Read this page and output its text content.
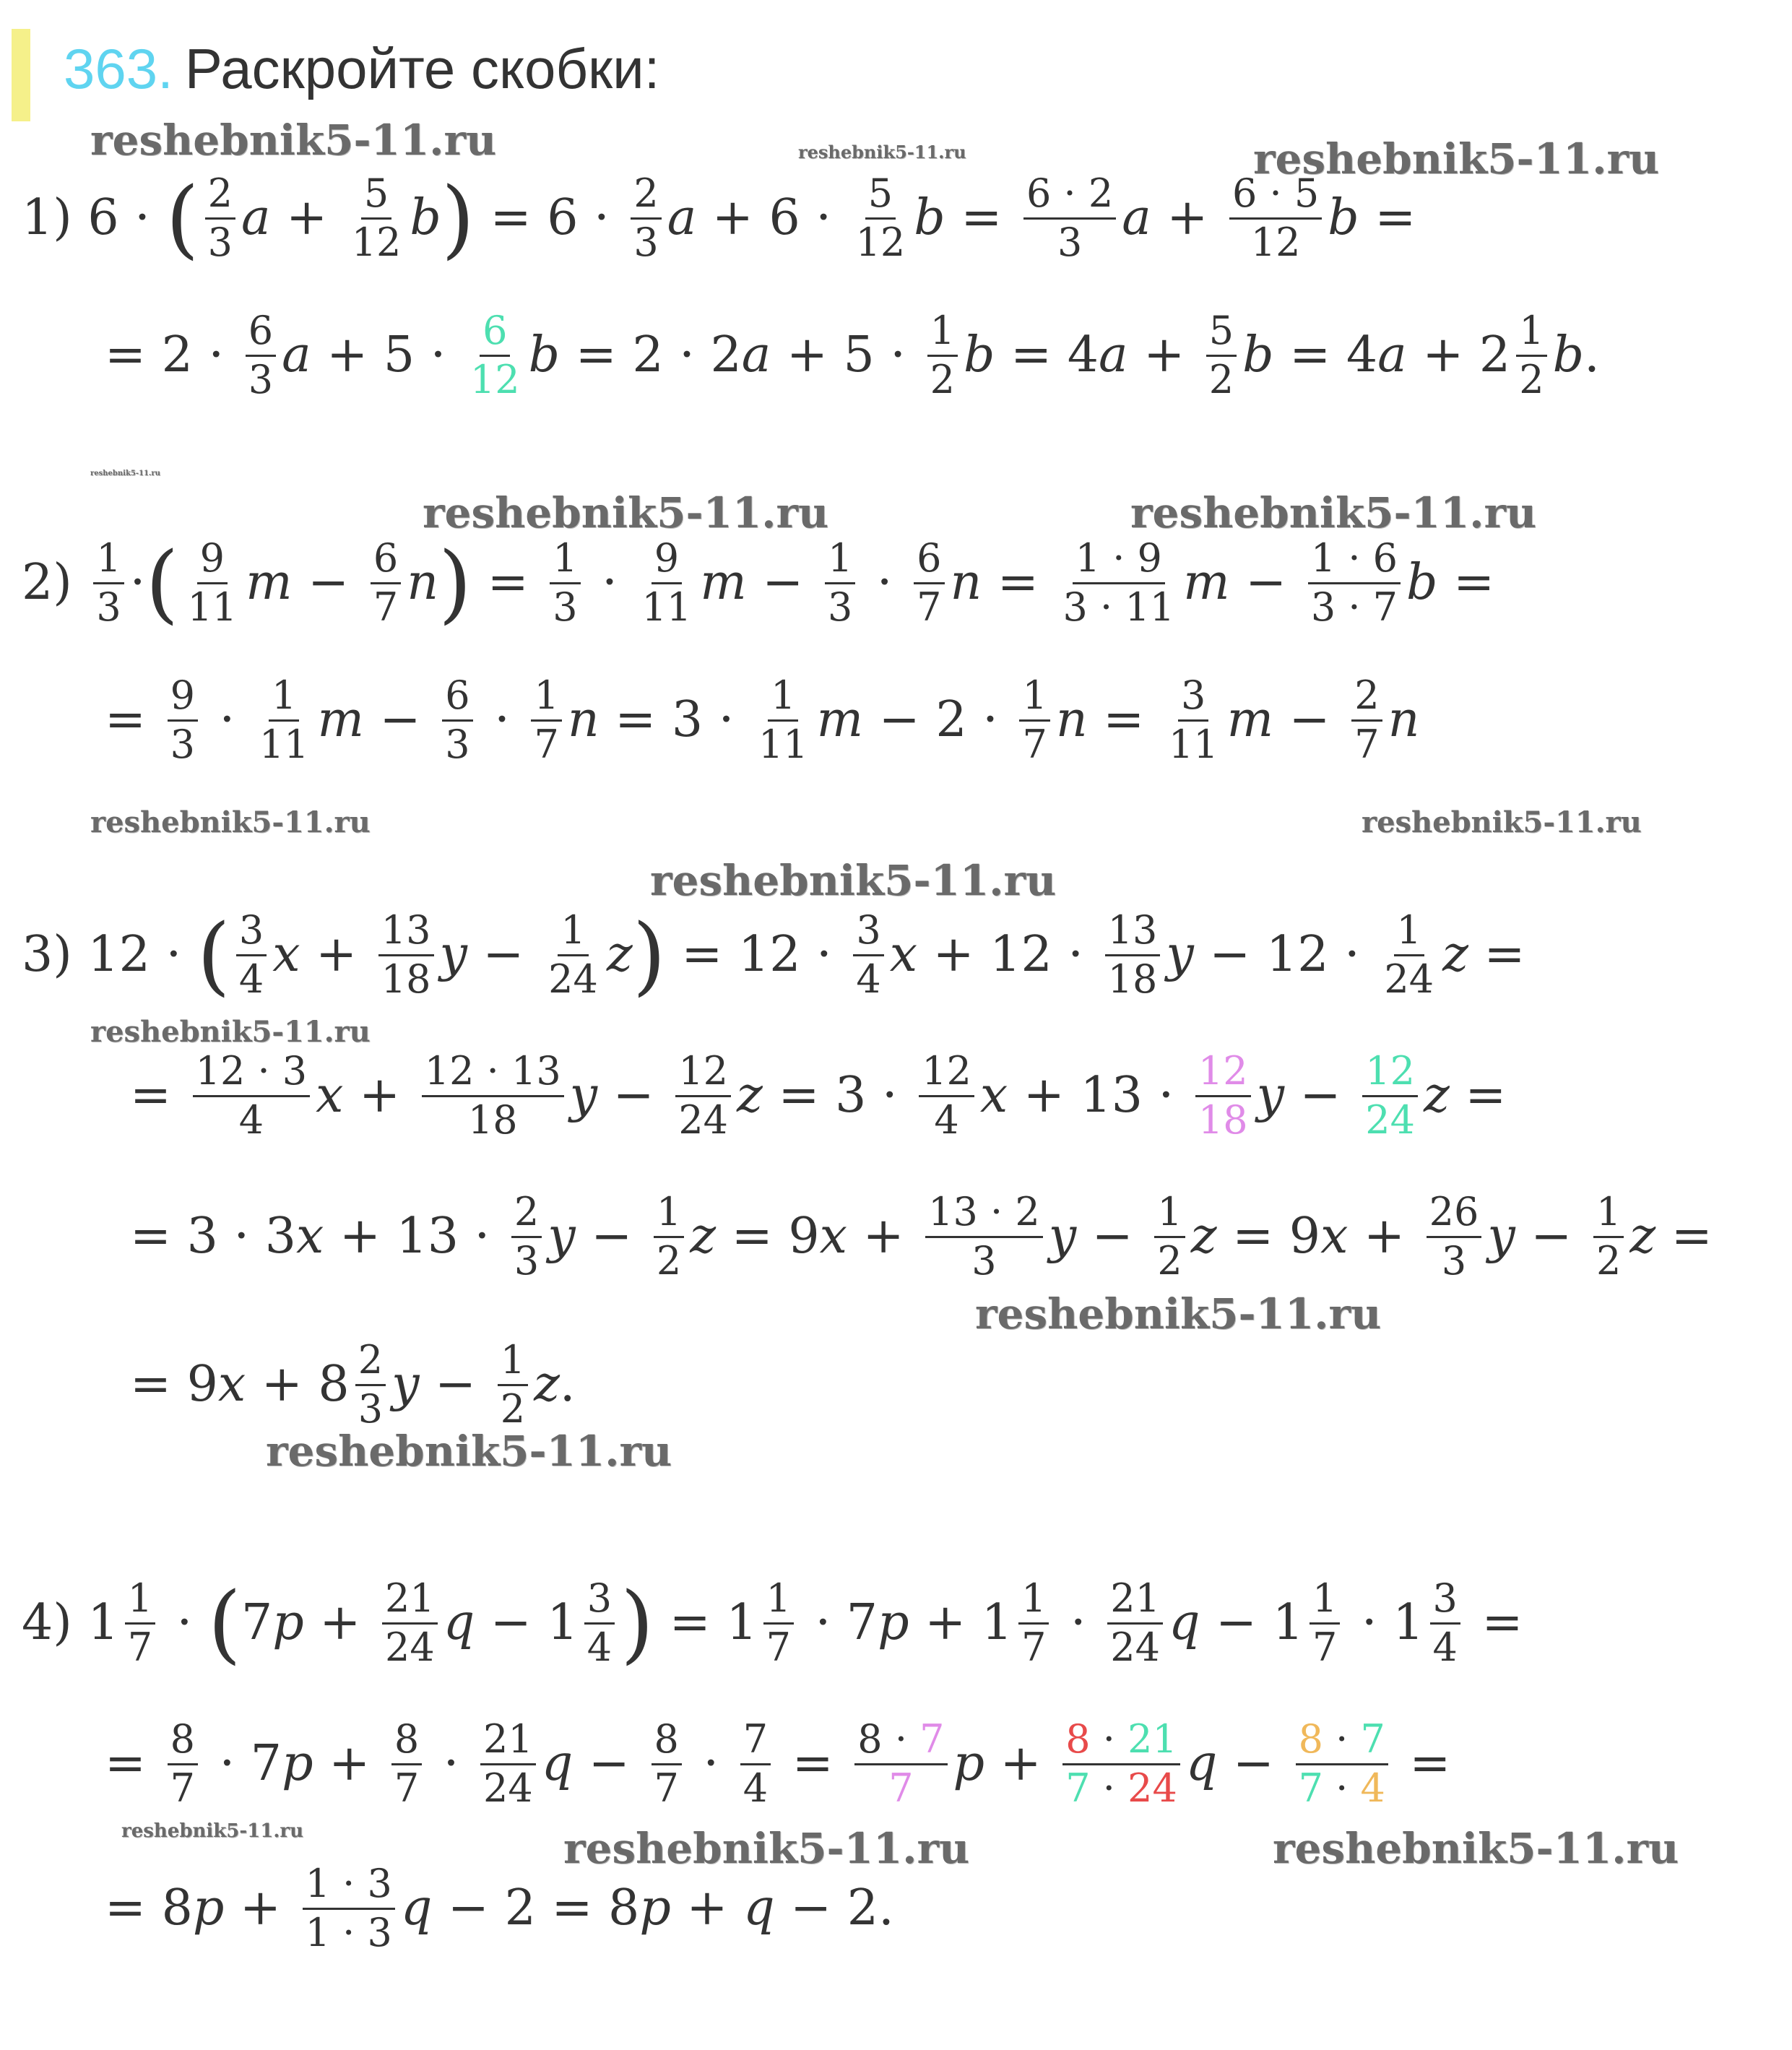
363. Раскройте скобки:
reshebnik5-11.ru	reshebnik5-11.ru	reshebnik5-11.ru
reshebnik5-11.ru
reshebnik5-11.ru	reshebnik5-11.ru
reshebnik5-11.ru	reshebnik5-11.ru
reshebnik5-11.ru
reshebnik5-11.ru
reshebnik5-11.ru
reshebnik5-11.ru
reshebnik5-11.ru	reshebnik5-11.ru	reshebnik5-11.ru
1) 6 · ( $\frac{2}{3}$ $a + \frac{5}{12} b) = 6 \cdot \frac{2}{3}$ $a + 6 \cdot \frac{5}{12}$ $b = \frac{6 \cdot 2}{3}$ $a + \frac{6 \cdot 5}{12}$ b =
= $2 \cdot \frac{6}{3}$ $a + 5 \cdot \frac{6}{12}$ $b = 2 \cdot 2a + 5 \cdot \frac{1}{2}$ $b = 4a + \frac{5}{2}$ $b = 4a + 2 \frac{1}{2} b$.
$2) \frac{1}{3}$ ·( $\frac{9}{11}$ $m - \frac{6}{7} n) = \frac{1}{3} \cdot \frac{9}{11}$ $m - \frac{1}{3} \cdot \frac{6}{7}$ $n = \frac{1 \cdot 9}{3 \cdot 11}$ $m - \frac{1 \cdot 6}{3 \cdot 7}$ b =
= $\frac{9}{3} \cdot \frac{1}{11}$ $m - \frac{6}{3} \cdot \frac{1}{7}$ $n = 3 \cdot \frac{1}{11}$ $m - 2 \cdot \frac{1}{7}$ $n = \frac{3}{11}$ $m - \frac{2}{7}$ n
3) 12 · ( $\frac{3}{4}$ $x + \frac{13}{18}$ $y - \frac{1}{24} z) = 12 \cdot \frac{3}{4}$ $x + 12 \cdot \frac{13}{18}$ $y - 12 \cdot \frac{1}{24}$ z =
= $\frac{12 \cdot 3}{4}$ $x + \frac{12 \cdot 13}{18}$ $y - \frac{12}{24}$ $z = 3 \cdot \frac{12}{4}$ $x + 13 \cdot \frac{12}{18}$ $y - \frac{12}{24}$ z =
= $3 \cdot 3x + 13 \cdot \frac{2}{3}$ $y - \frac{1}{2}$ $z = 9x + \frac{13 \cdot 2}{3}$ $y - \frac{1}{2}$ $z = 9x + \frac{26}{3}$ $y - \frac{1}{2}$ z =
= $9x + 8 \frac{2}{3}$ $y - \frac{1}{2} z$.
4) $1 \frac{1}{7} \cdot (7p + \frac{21}{24}$ $q - 1 \frac{3}{4}$ ) = $1 \frac{1}{7} \cdot 7p + 1 \frac{1}{7} \cdot \frac{21}{24}$ $q - 1 \frac{1}{7} \cdot 1 \frac{3}{4}$ =
= $\frac{8}{7} \cdot 7p + \frac{8}{7} \cdot \frac{21}{24}$ $q - \frac{8}{7} \cdot \frac{7}{4} = \frac{8 \cdot 7}{7}$ $p + \frac{8 \cdot 21}{7 \cdot 24}$ $q - \frac{8 \cdot 7}{7 \cdot 4}$ =
= $8p + \frac{1 \cdot 3}{1 \cdot 3}$ q − 2 = 8p + q − 2.
